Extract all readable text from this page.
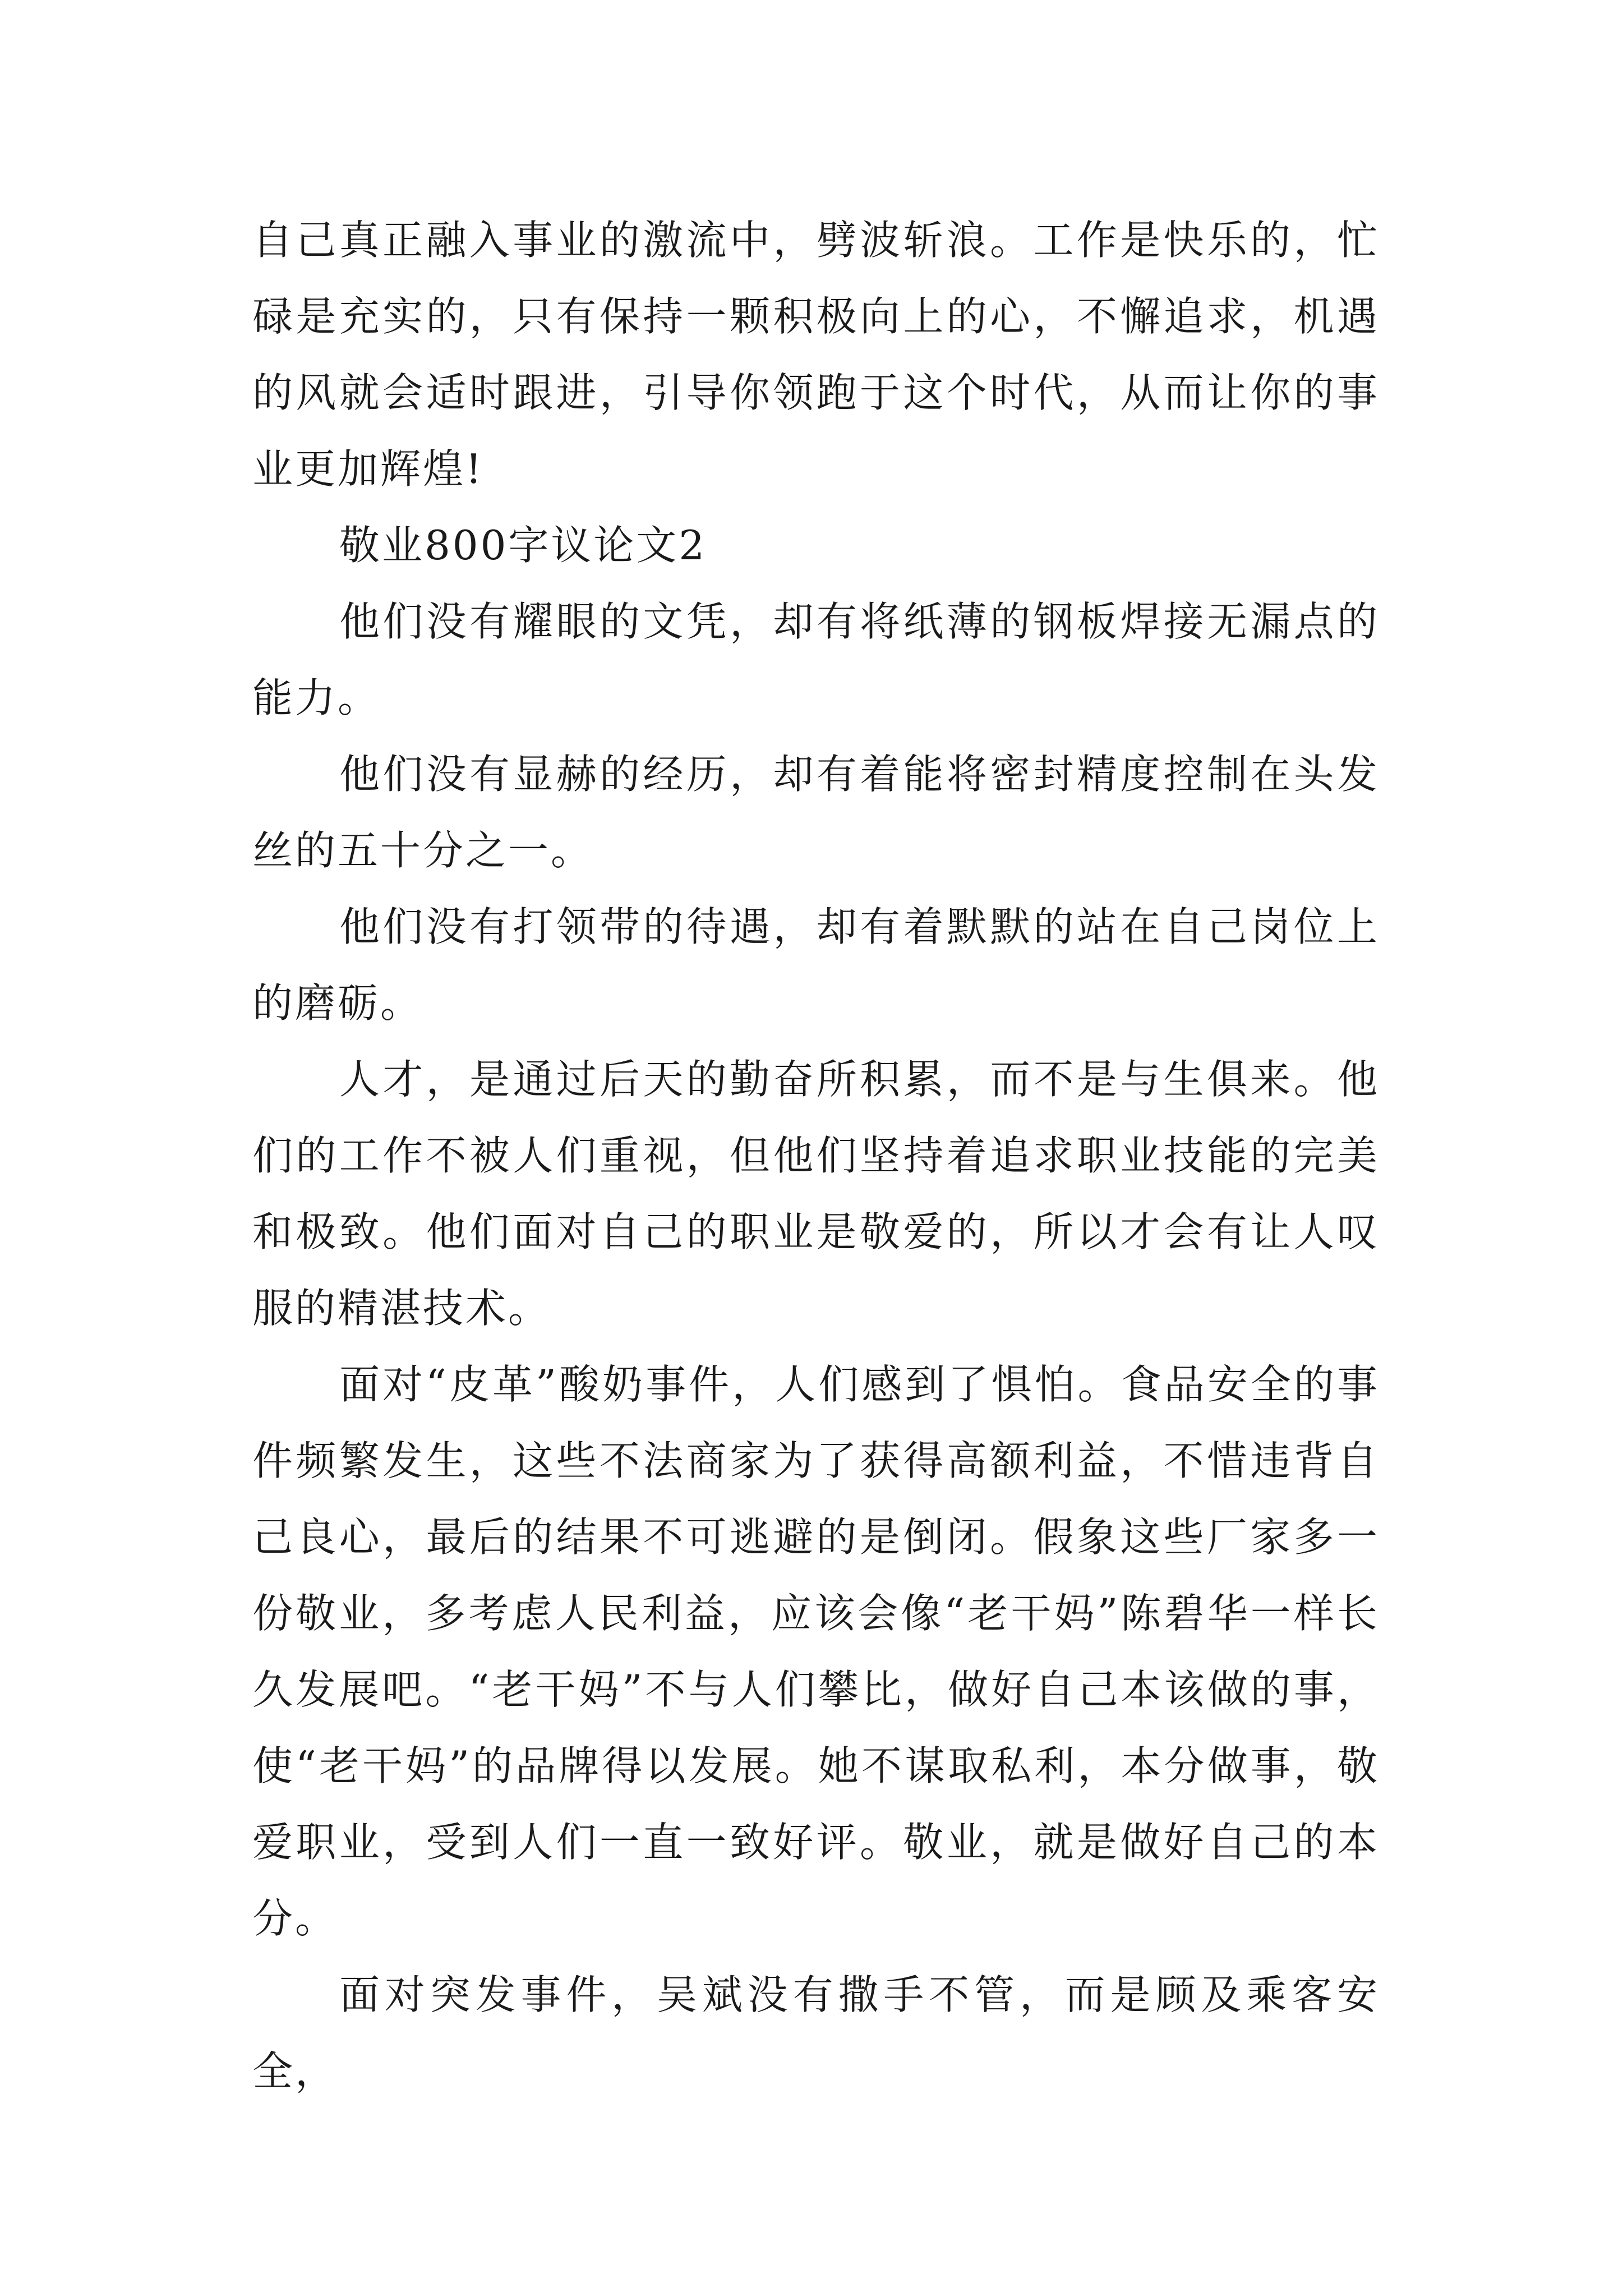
自己真正融入事业的激流中，劈波斩浪。工作是快乐的，忙碌是充实的，只有保持一颗积极向上的心，不懈追求，机遇的风就会适时跟进，引导你领跑于这个时代，从而让你的事业更加辉煌!

敬业800字议论文2

他们没有耀眼的文凭，却有将纸薄的钢板焊接无漏点的能力。

他们没有显赫的经历，却有着能将密封精度控制在头发丝的五十分之一。

他们没有打领带的待遇，却有着默默的站在自己岗位上的磨砺。

人才，是通过后天的勤奋所积累，而不是与生俱来。他们的工作不被人们重视，但他们坚持着追求职业技能的完美和极致。他们面对自己的职业是敬爱的，所以才会有让人叹服的精湛技术。

面对“皮革”酸奶事件，人们感到了惧怕。食品安全的事件频繁发生，这些不法商家为了获得高额利益，不惜违背自己良心，最后的结果不可逃避的是倒闭。假象这些厂家多一份敬业，多考虑人民利益，应该会像“老干妈”陈碧华一样长久发展吧。“老干妈”不与人们攀比，做好自己本该做的事，使“老干妈”的品牌得以发展。她不谋取私利，本分做事，敬爱职业，受到人们一直一致好评。敬业，就是做好自己的本分。

面对突发事件，吴斌没有撒手不管，而是顾及乘客安全，
